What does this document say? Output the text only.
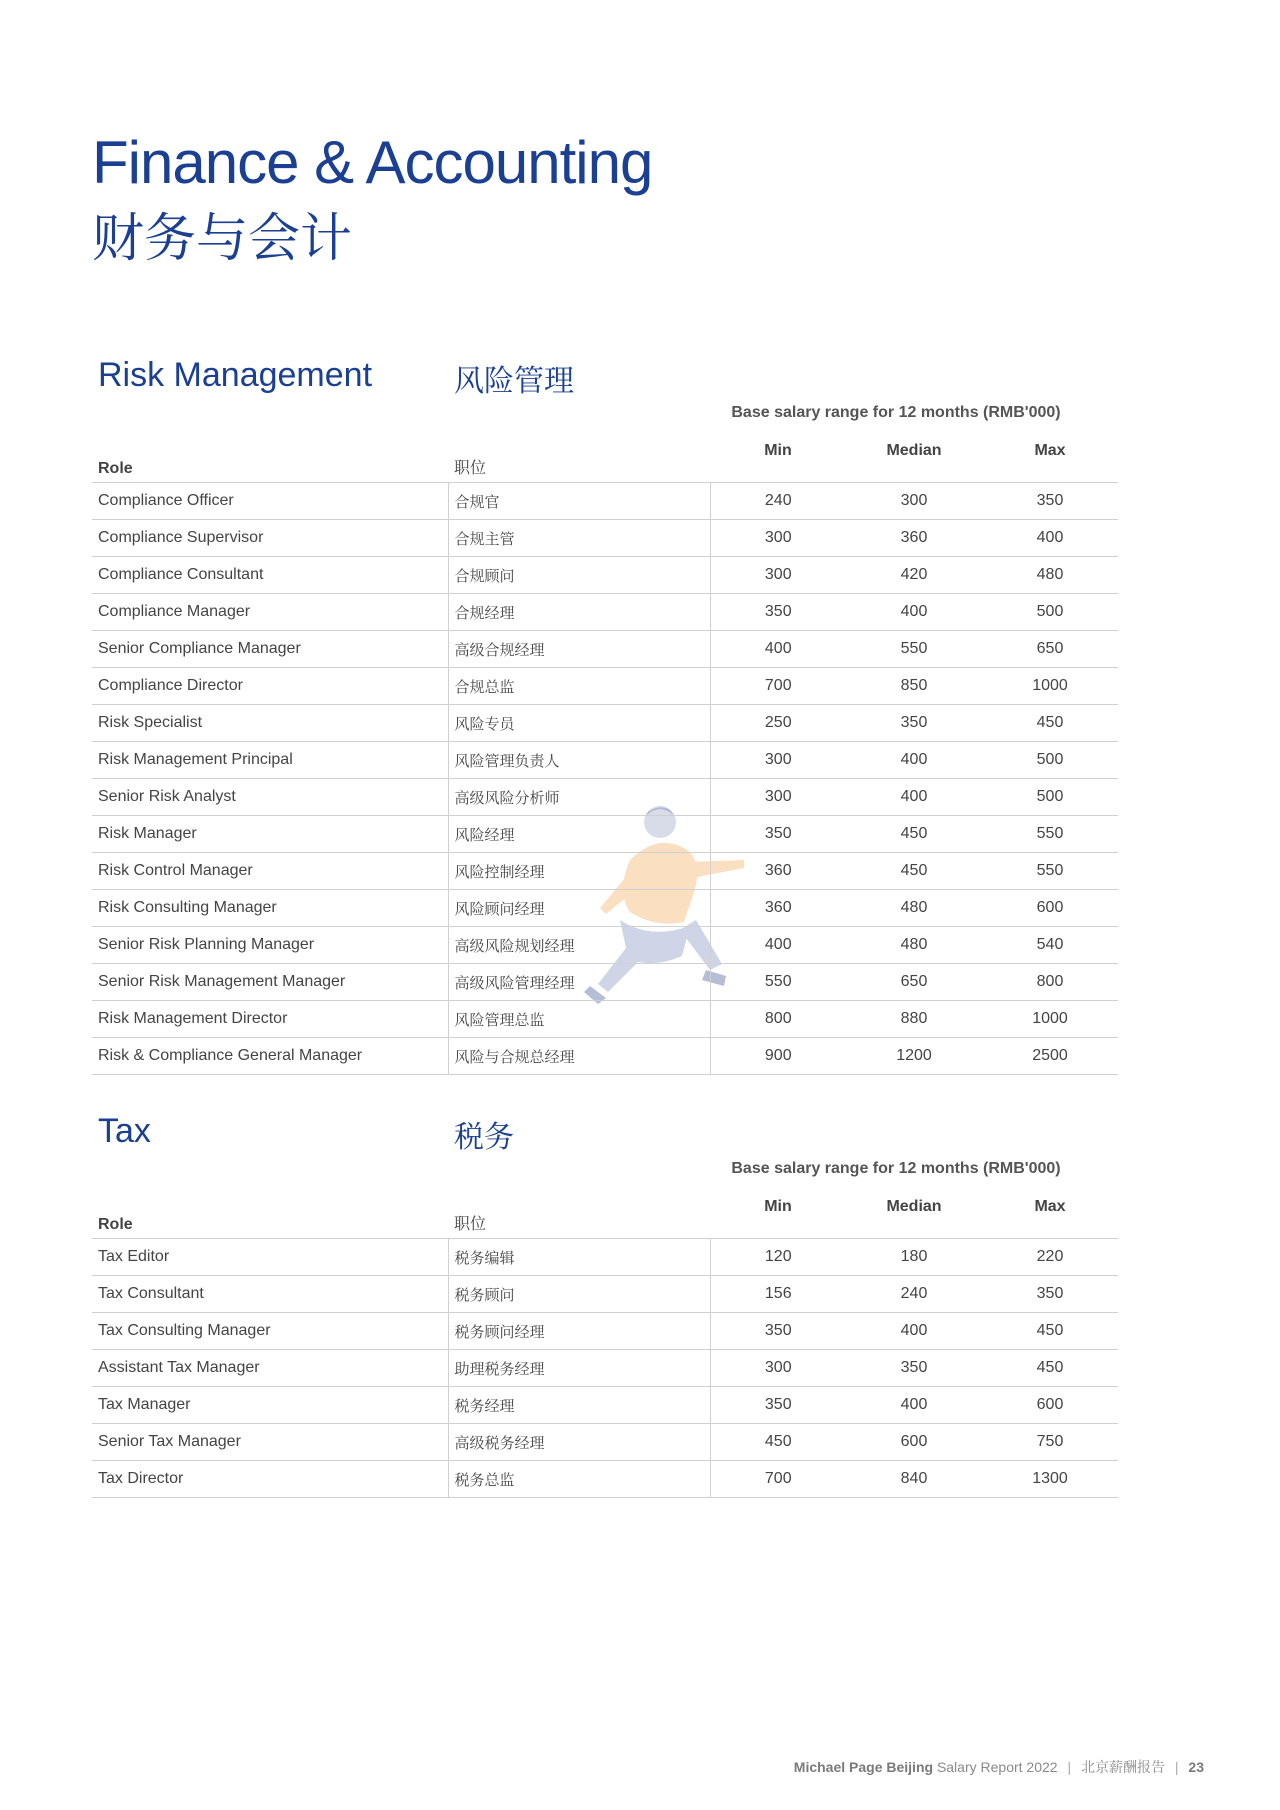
Finance & Accounting
财务与会计
Risk Management	风险管理
Base salary range for 12 months (RMB'000)
Role	职位	Min	Median	Max
Compliance Officer	合规官	240	300	350
Compliance Supervisor	合规主管	300	360	400
Compliance Consultant	合规顾问	300	420	480
Compliance Manager	合规经理	350	400	500
Senior Compliance Manager	高级合规经理	400	550	650
Compliance Director	合规总监	700	850	1000
Risk Specialist	风险专员	250	350	450
Risk Management Principal	风险管理负责人	300	400	500
Senior Risk Analyst	高级风险分析师	300	400	500
Risk Manager	风险经理	350	450	550
Risk Control Manager	风险控制经理	360	450	550
Risk Consulting Manager	风险顾问经理	360	480	600
Senior Risk Planning Manager	高级风险规划经理	400	480	540
Senior Risk Management Manager	高级风险管理经理	550	650	800
Risk Management Director	风险管理总监	800	880	1000
Risk & Compliance General Manager	风险与合规总经理	900	1200	2500
Tax	税务
Base salary range for 12 months (RMB'000)
Role	职位	Min	Median	Max
Tax Editor	税务编辑	120	180	220
Tax Consultant	税务顾问	156	240	350
Tax Consulting Manager	税务顾问经理	350	400	450
Assistant Tax Manager	助理税务经理	300	350	450
Tax Manager	税务经理	350	400	600
Senior Tax Manager	高级税务经理	450	600	750
Tax Director	税务总监	700	840	1300
Michael Page Beijing Salary Report 2022 | 北京薪酬报告 | 23
